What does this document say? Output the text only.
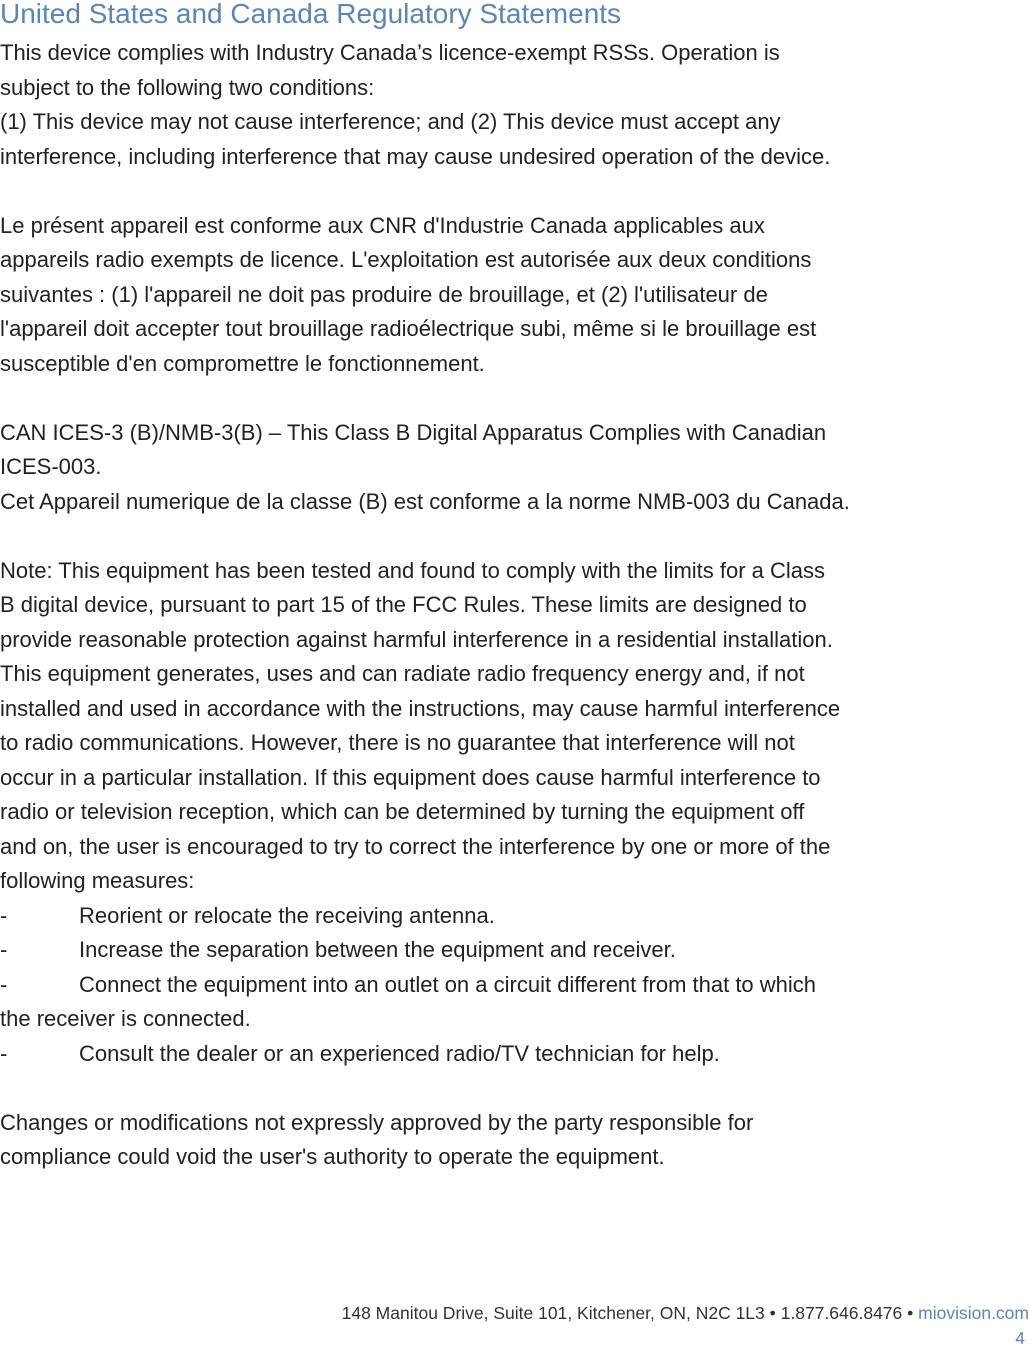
United States and Canada Regulatory Statements
This device complies with Industry Canada’s licence-exempt RSSs. Operation is
subject to the following two conditions:
(1) This device may not cause interference; and (2) This device must accept any
interference, including interference that may cause undesired operation of the device.
Le présent appareil est conforme aux CNR d'Industrie Canada applicables aux
appareils radio exempts de licence. L'exploitation est autorisée aux deux conditions
suivantes : (1) l'appareil ne doit pas produire de brouillage, et (2) l'utilisateur de
l'appareil doit accepter tout brouillage radioélectrique subi, même si le brouillage est
susceptible d'en compromettre le fonctionnement.
CAN ICES-3 (B)/NMB-3(B) – This Class B Digital Apparatus Complies with Canadian
ICES-003.
Cet Appareil numerique de la classe (B) est conforme a la norme NMB-003 du Canada.
Note: This equipment has been tested and found to comply with the limits for a Class
B digital device, pursuant to part 15 of the FCC Rules. These limits are designed to
provide reasonable protection against harmful interference in a residential installation.
This equipment generates, uses and can radiate radio frequency energy and, if not
installed and used in accordance with the instructions, may cause harmful interference
to radio communications. However, there is no guarantee that interference will not
occur in a particular installation. If this equipment does cause harmful interference to
radio or television reception, which can be determined by turning the equipment off
and on, the user is encouraged to try to correct the interference by one or more of the
following measures:
-	Reorient or relocate the receiving antenna.
-	Increase the separation between the equipment and receiver.
-	Connect the equipment into an outlet on a circuit different from that to which
the receiver is connected.
-	Consult the dealer or an experienced radio/TV technician for help.
Changes or modifications not expressly approved by the party responsible for
compliance could void the user's authority to operate the equipment.
148 Manitou Drive, Suite 101, Kitchener, ON, N2C 1L3 • 1.877.646.8476 • miovision.com
4
